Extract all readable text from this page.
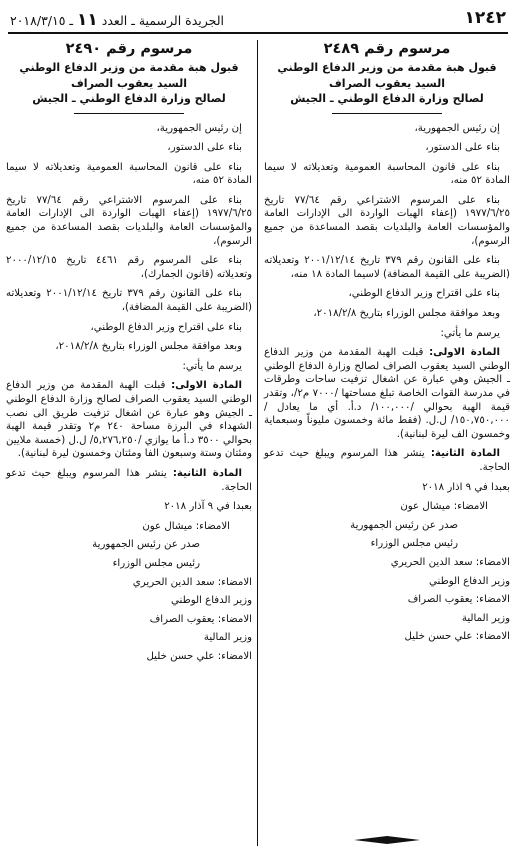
١٢٤٢
الجريدة الرسمية ـ العدد ١١ ـ ٢٠١٨/٣/١٥
مرسوم رقم ٢٤٨٩
قبول هبة مقدمة من وزير الدفاع الوطني
السيد يعقوب الصراف
لصالح وزارة الدفاع الوطني ـ الجيش

إن رئيس الجمهورية،

بناء على الدستور،

بناء على قانون المحاسبة العمومية وتعديلاته لا سيما المادة ٥٢ منه،

بناء على المرسوم الاشتراعي رقم ٧٧/٦٤ تاريخ ١٩٧٧/٦/٢٥ (إعفاء الهبات الواردة الى الإدارات العامة والمؤسسات العامة والبلديات بقصد المساعدة من جميع الرسوم)،

بناء على القانون رقم ٣٧٩ تاريخ ٢٠٠١/١٢/١٤ وتعديلاته (الضريبة على القيمة المضافة) لاسيما المادة ١٨ منه،

بناء على اقتراح وزير الدفاع الوطني،

وبعد موافقة مجلس الوزراء بتاريخ ٢٠١٨/٢/٨،

يرسم ما يأتي:

المادة الاولى: قبلت الهبة المقدمة من وزير الدفاع الوطني السيد يعقوب الصراف لصالح وزارة الدفاع الوطني ـ الجيش وهي عبارة عن اشغال تزفيت ساحات وطرقات في مدرسة القوات الخاصة تبلغ مساحتها /٧٠٠٠ م٢/، وتقدر قيمة الهبة بحوالي /١٠٠,٠٠٠/ د.أ. أي ما يعادل /١٥٠,٧٥٠,٠٠٠/ ل.ل. (فقط مائة وخمسون مليوناً وسبعماية وخمسون الف ليرة لبنانية).

المادة الثانية: ينشر هذا المرسوم ويبلغ حيث تدعو الحاجة.

بعبدا في ٩ اذار ٢٠١٨

الامضاء: ميشال عون

صدر عن رئيس الجمهورية

رئيس مجلس الوزراء

الامضاء: سعد الدين الحريري

وزير الدفاع الوطني

الامضاء: يعقوب الصراف

وزير المالية

الامضاء: علي حسن خليل

مرسوم رقم ٢٤٩٠
قبول هبة مقدمة من وزير الدفاع الوطني
السيد يعقوب الصراف
لصالح وزارة الدفاع الوطني ـ الجيش

إن رئيس الجمهورية،

بناء على الدستور،

بناء على قانون المحاسبة العمومية وتعديلاته لا سيما المادة ٥٢ منه،

بناء على المرسوم الاشتراعي رقم ٧٧/٦٤ تاريخ ١٩٧٧/٦/٢٥ (إعفاء الهبات الواردة الى الإدارات العامة والمؤسسات العامة والبلديات بقصد المساعدة من جميع الرسوم)،

بناء على المرسوم رقم ٤٤٦١ تاريخ ٢٠٠٠/١٢/١٥ وتعديلاته (قانون الجمارك)،

بناء على القانون رقم ٣٧٩ تاريخ ٢٠٠١/١٢/١٤ وتعديلاته (الضريبة على القيمة المضافة)،

بناء على اقتراح وزير الدفاع الوطني،

وبعد موافقة مجلس الوزراء بتاريخ ٢٠١٨/٢/٨،

يرسم ما يأتي:

المادة الاولى: قبلت الهبة المقدمة من وزير الدفاع الوطني السيد يعقوب الصراف لصالح وزارة الدفاع الوطني ـ الجيش وهو عبارة عن اشغال تزفيت طريق الى نصب الشهداء في البرزة مساحة ٢٤٠ م٢ وتقدر قيمة الهبة بحوالي ٣٥٠٠ د.أ ما يوازي /٥,٢٧٦,٢٥٠/ ل.ل (خمسة ملايين ومئتان وستة وسبعون الفا ومئتان وخمسون ليرة لبنانية).

المادة الثانية: ينشر هذا المرسوم ويبلغ حيث تدعو الحاجة.

بعبدا في ٩ آذار ٢٠١٨

الامضاء: ميشال عون

صدر عن رئيس الجمهورية

رئيس مجلس الوزراء

الامضاء: سعد الدين الحريري

وزير الدفاع الوطني

الامضاء: يعقوب الصراف

وزير المالية

الامضاء: علي حسن خليل
